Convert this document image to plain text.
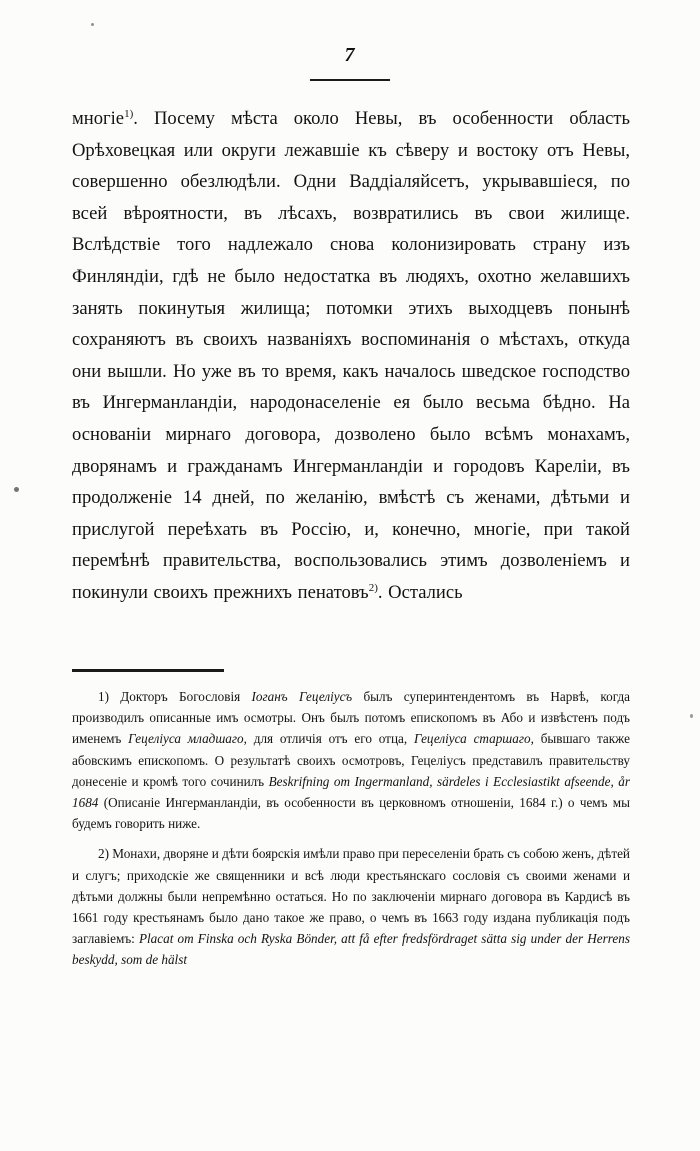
7
многіе$^{1)}$. Посему мѣста около Невы, въ особенности область Орѣховецкая или округи лежавшіе къ сѣверу и востоку отъ Невы, совершенно обезлюдѣли. Одни Ваддіаляйсетъ, укрывавшіеся, по всей вѣроятности, въ лѣсахъ, возвратились въ свои жилище. Вслѣдствіе того надлежало снова колонизировать страну изъ Финляндіи, гдѣ не было недостатка въ людяхъ, охотно желавшихъ занять покинутыя жилища; потомки этихъ выходцевъ понынѣ сохраняютъ въ своихъ названіяхъ воспоминанія о мѣстахъ, откуда они вышли. Но уже въ то время, какъ началось шведское господство въ Ингерманландіи, народонаселеніе ея было весьма бѣдно. На основаніи мирнаго договора, дозволено было всѣмъ монахамъ, дворянамъ и гражданамъ Ингерманландіи и городовъ Кареліи, въ продолженіе 14 дней, по желанію, вмѣстѣ съ женами, дѣтьми и прислугой переѣхать въ Россію, и, конечно, многіе, при такой перемѣнѣ правительства, воспользовались этимъ дозволеніемъ и покинули своихъ прежнихъ пенатовъ$^{2)}$. Остались
1) Докторъ Богословія Іоганъ Гецеліусъ былъ суперинтендентомъ въ Нарвѣ, когда производилъ описанные имъ осмотры. Онъ былъ потомъ епископомъ въ Або и извѣстенъ подъ именемъ Гецеліуса младшаго, для отличія отъ его отца, Гецеліуса старшаго, бывшаго также абовскимъ епископомъ. О результатѣ своихъ осмотровъ, Гецеліусъ представилъ правительству донесеніе и кромѣ того сочинилъ Beskrifning om Ingermanland, särdeles i Ecclesiastikt afseende, år 1684 (Описаніе Ингерманландіи, въ особенности въ церковномъ отношеніи, 1684 г.) о чемъ мы будемъ говорить ниже.
2) Монахи, дворяне и дѣти боярскія имѣли право при переселеніи брать съ собою женъ, дѣтей и слугъ; приходскіе же священники и всѣ люди крестьянскаго сословія съ своими женами и дѣтьми должны были непремѣнно остаться. Но по заключеніи мирнаго договора въ Кардисѣ въ 1661 году крестьянамъ было дано такое же право, о чемъ въ 1663 году издана публикація подъ заглавіемъ: Placat om Finska och Ryska Bönder, att få efter fredsfördraget sätta sig under der Herrens beskydd, som de hälst
